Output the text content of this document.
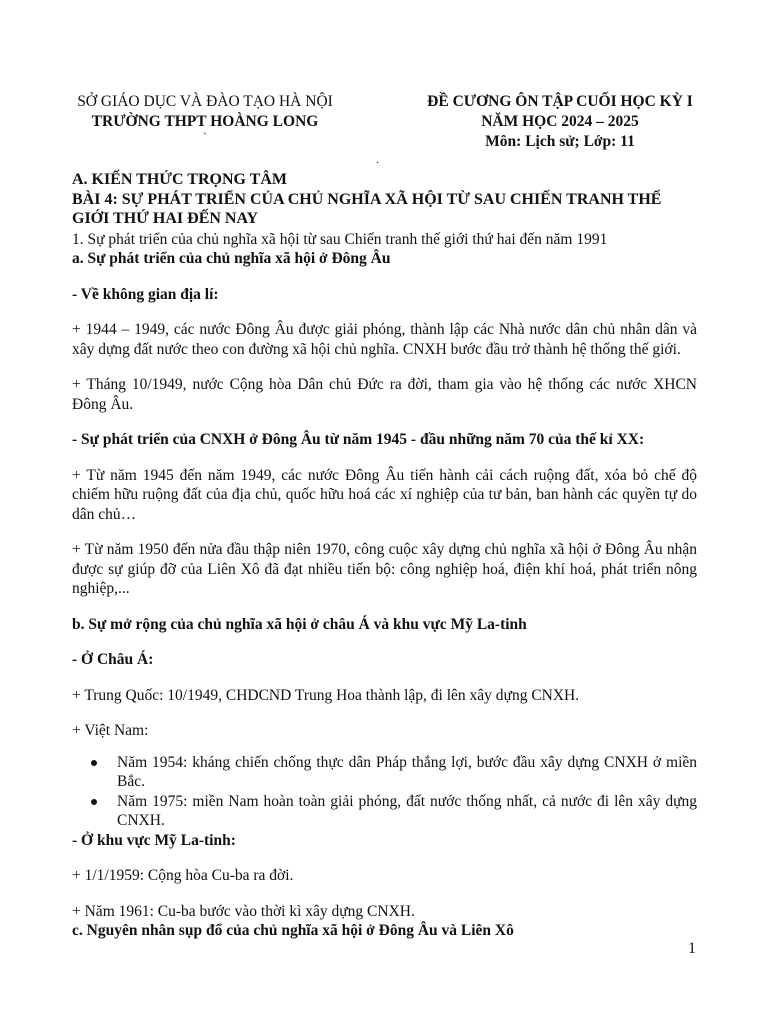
SỞ GIÁO DỤC VÀ ĐÀO TẠO HÀ NỘI
TRƯỜNG THPT HOÀNG LONG
`
ĐỀ CƯƠNG ÔN TẬP CUỐI HỌC KỲ I
NĂM HỌC 2024 – 2025
Môn: Lịch sử; Lớp: 11
.

A. KIẾN THỨC TRỌNG TÂM

BÀI 4: SỰ PHÁT TRIỂN CỦA CHỦ NGHĨA XÃ HỘI TỪ SAU CHIẾN TRANH THẾ GIỚI THỨ HAI ĐẾN NAY

1. Sự phát triển của chủ nghĩa xã hội từ sau Chiến tranh thế giới thứ hai đến năm 1991

a. Sự phát triển của chủ nghĩa xã hội ở Đông Âu

- Về không gian địa lí:

+ 1944 – 1949, các nước Đông Âu được giải phóng, thành lập các Nhà nước dân chủ nhân dân và xây dựng đất nước theo con đường xã hội chủ nghĩa. CNXH bước đầu trở thành hệ thống thế giới.

+ Tháng 10/1949, nước Cộng hòa Dân chủ Đức ra đời, tham gia vào hệ thống các nước XHCN Đông Âu.

- Sự phát triển của CNXH ở Đông Âu từ năm 1945 - đầu những năm 70 của thế kỉ XX:

+ Từ năm 1945 đến năm 1949, các nước Đông Âu tiến hành cải cách ruộng đất, xóa bỏ chế độ chiếm hữu ruộng đất của địa chủ, quốc hữu hoá các xí nghiệp của tư bản, ban hành các quyền tự do dân chủ…

+ Từ năm 1950 đến nửa đầu thập niên 1970, công cuộc xây dựng chủ nghĩa xã hội ở Đông Âu nhận được sự giúp đỡ của Liên Xô đã đạt nhiều tiến bộ: công nghiệp hoá, điện khí hoá, phát triển nông nghiệp,...

b. Sự mở rộng của chủ nghĩa xã hội ở châu Á và khu vực Mỹ La-tinh

- Ở Châu Á:

+ Trung Quốc: 10/1949, CHDCND Trung Hoa thành lập, đi lên xây dựng CNXH.

+ Việt Nam:

Năm 1954: kháng chiến chống thực dân Pháp thắng lợi, bước đầu xây dựng CNXH ở miền Bắc.
Năm 1975: miền Nam hoàn toàn giải phóng, đất nước thống nhất, cả nước đi lên xây dựng CNXH.

- Ở khu vực Mỹ La-tinh:

+ 1/1/1959: Cộng hòa Cu-ba ra đời.

+ Năm 1961: Cu-ba bước vào thời kì xây dựng CNXH.

c. Nguyên nhân sụp đổ của chủ nghĩa xã hội ở Đông Âu và Liên Xô

1
